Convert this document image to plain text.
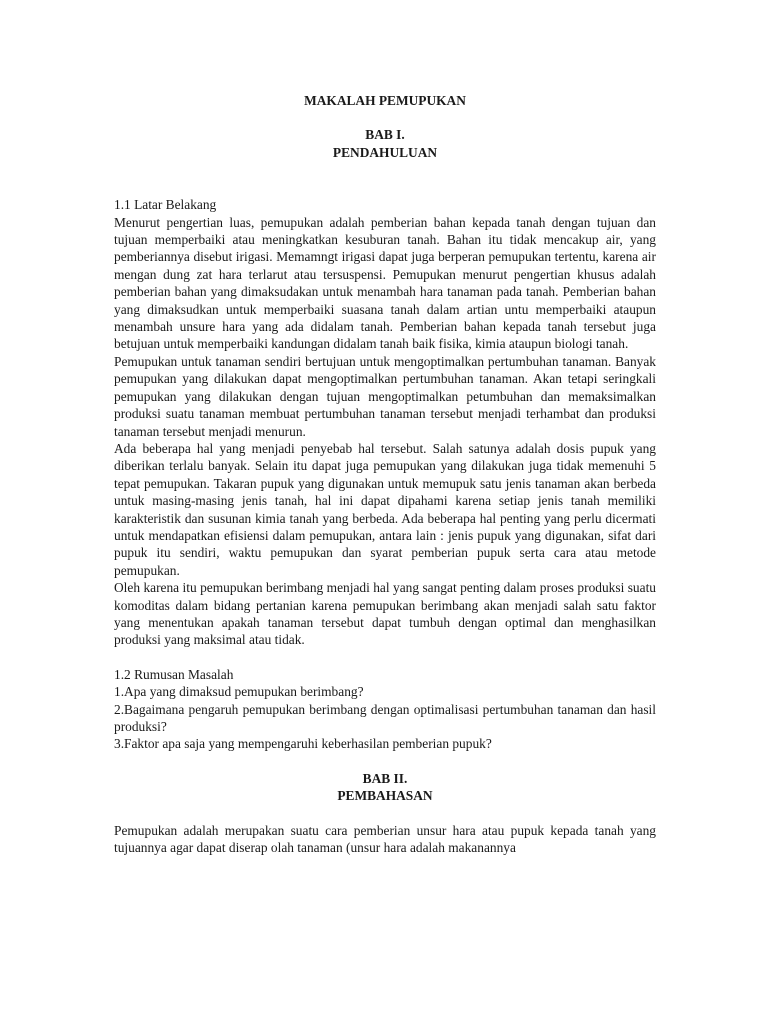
MAKALAH PEMUPUKAN

BAB I.

PENDAHULUAN

1.1 Latar Belakang

Menurut pengertian luas, pemupukan adalah pemberian bahan kepada tanah dengan tujuan dan tujuan memperbaiki atau meningkatkan kesuburan tanah. Bahan itu tidak mencakup air, yang pemberiannya disebut irigasi. Memamngt irigasi dapat juga berperan pemupukan tertentu, karena air mengan dung zat hara terlarut atau tersuspensi. Pemupukan menurut pengertian khusus adalah pemberian bahan yang dimaksudakan untuk menambah hara tanaman pada tanah. Pemberian bahan yang dimaksudkan untuk memperbaiki suasana tanah dalam artian untu memperbaiki ataupun menambah unsure hara yang ada didalam tanah. Pemberian bahan kepada tanah tersebut juga betujuan untuk memperbaiki kandungan didalam tanah baik fisika, kimia ataupun biologi tanah.

Pemupukan untuk tanaman sendiri bertujuan untuk mengoptimalkan pertumbuhan tanaman. Banyak pemupukan yang dilakukan dapat mengoptimalkan pertumbuhan tanaman. Akan tetapi seringkali pemupukan yang dilakukan dengan tujuan mengoptimalkan petumbuhan dan memaksimalkan produksi suatu tanaman membuat pertumbuhan tanaman tersebut menjadi terhambat dan produksi tanaman tersebut menjadi menurun.

Ada beberapa hal yang menjadi penyebab hal tersebut. Salah satunya adalah dosis pupuk yang diberikan terlalu banyak. Selain itu dapat juga pemupukan yang dilakukan juga tidak memenuhi 5 tepat pemupukan. Takaran pupuk yang digunakan untuk memupuk satu jenis tanaman akan berbeda untuk masing-masing jenis tanah, hal ini dapat dipahami karena setiap jenis tanah memiliki karakteristik dan susunan kimia tanah yang berbeda. Ada beberapa hal penting yang perlu dicermati untuk mendapatkan efisiensi dalam pemupukan, antara lain : jenis pupuk yang digunakan, sifat dari pupuk itu sendiri, waktu pemupukan dan syarat pemberian pupuk serta cara atau metode pemupukan.

Oleh karena itu pemupukan berimbang menjadi hal yang sangat penting dalam proses produksi suatu komoditas dalam bidang pertanian karena pemupukan berimbang akan menjadi salah satu faktor yang menentukan apakah tanaman tersebut dapat tumbuh dengan optimal dan menghasilkan produksi yang maksimal atau tidak.

1.2 Rumusan Masalah

1.Apa yang dimaksud pemupukan berimbang?

2.Bagaimana pengaruh pemupukan berimbang dengan optimalisasi pertumbuhan tanaman dan hasil produksi?

3.Faktor apa saja yang mempengaruhi keberhasilan pemberian pupuk?

BAB II.

PEMBAHASAN

Pemupukan adalah merupakan suatu cara pemberian unsur hara atau pupuk kepada tanah yang tujuannya agar dapat diserap olah tanaman (unsur hara adalah makanannya
